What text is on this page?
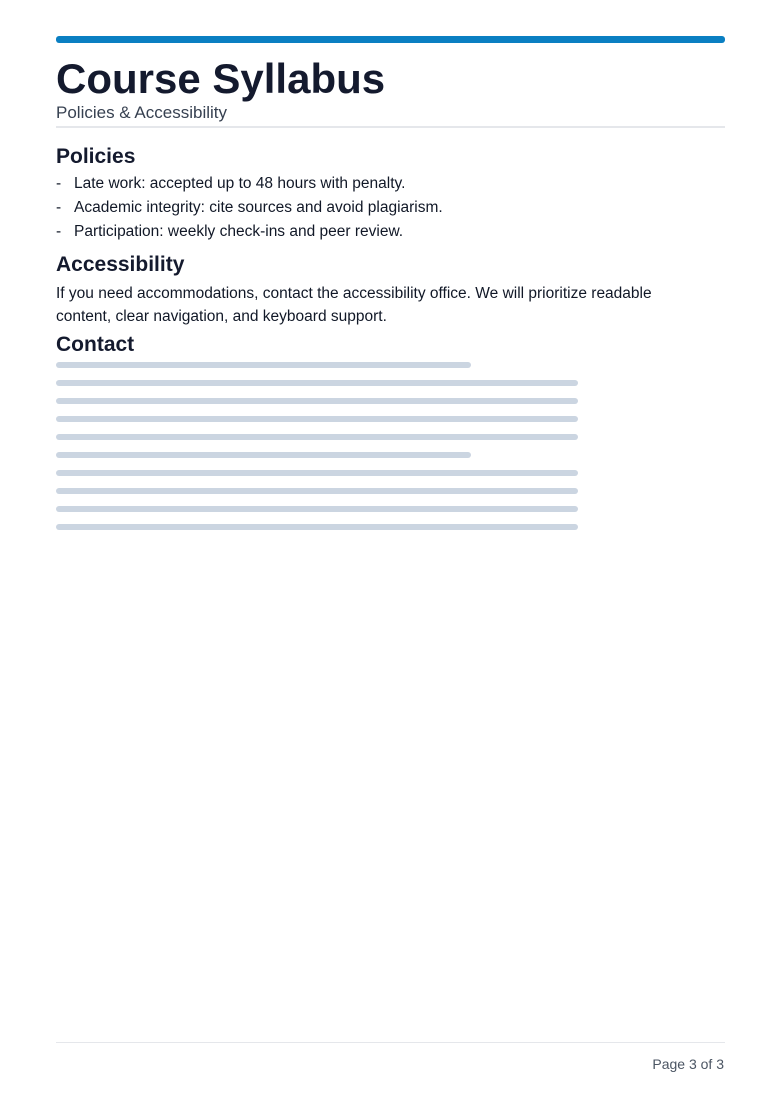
Course Syllabus
Policies & Accessibility
Policies
- Late work: accepted up to 48 hours with penalty.
- Academic integrity: cite sources and avoid plagiarism.
- Participation: weekly check-ins and peer review.
Accessibility
If you need accommodations, contact the accessibility office. We will prioritize readable content, clear navigation, and keyboard support.
Contact
Page 3 of 3
